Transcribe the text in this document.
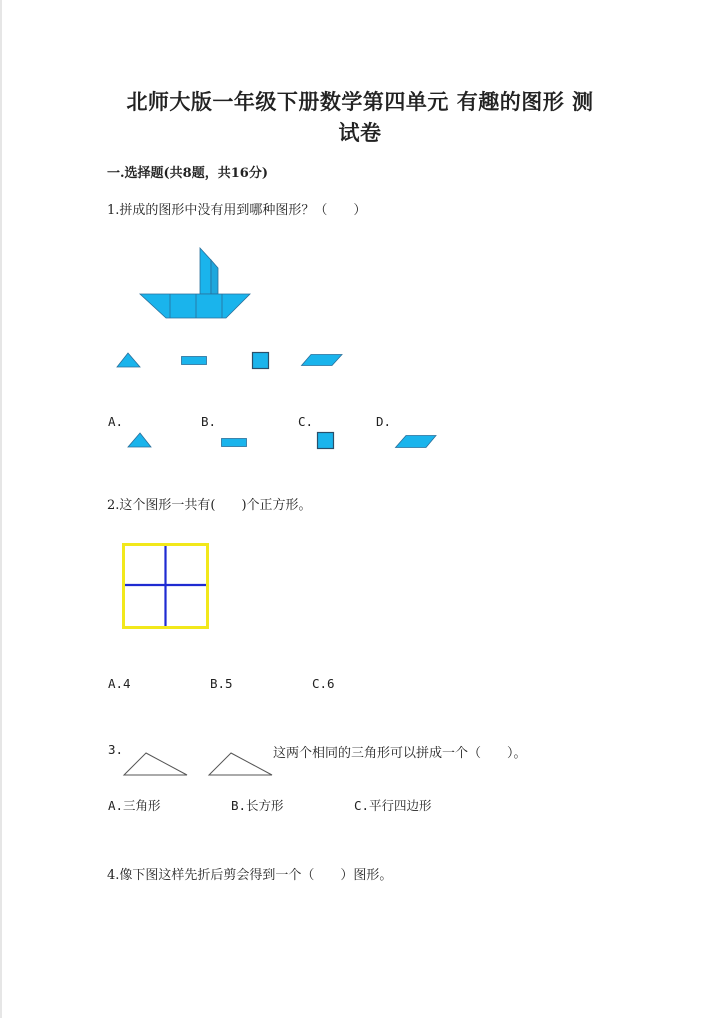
北师大版一年级下册数学第四单元 有趣的图形 测
试卷
一.选择题(共8题，共16分)
1.拼成的图形中没有用到哪种图形？（　　）
A.	B.	C.	D.
2.这个图形一共有(　　)个正方形。
A.4	B.5	C.6
3.	这两个相同的三角形可以拼成一个（　　）。
A.三角形	B.长方形	C.平行四边形
4.像下图这样先折后剪会得到一个（　　）图形。
